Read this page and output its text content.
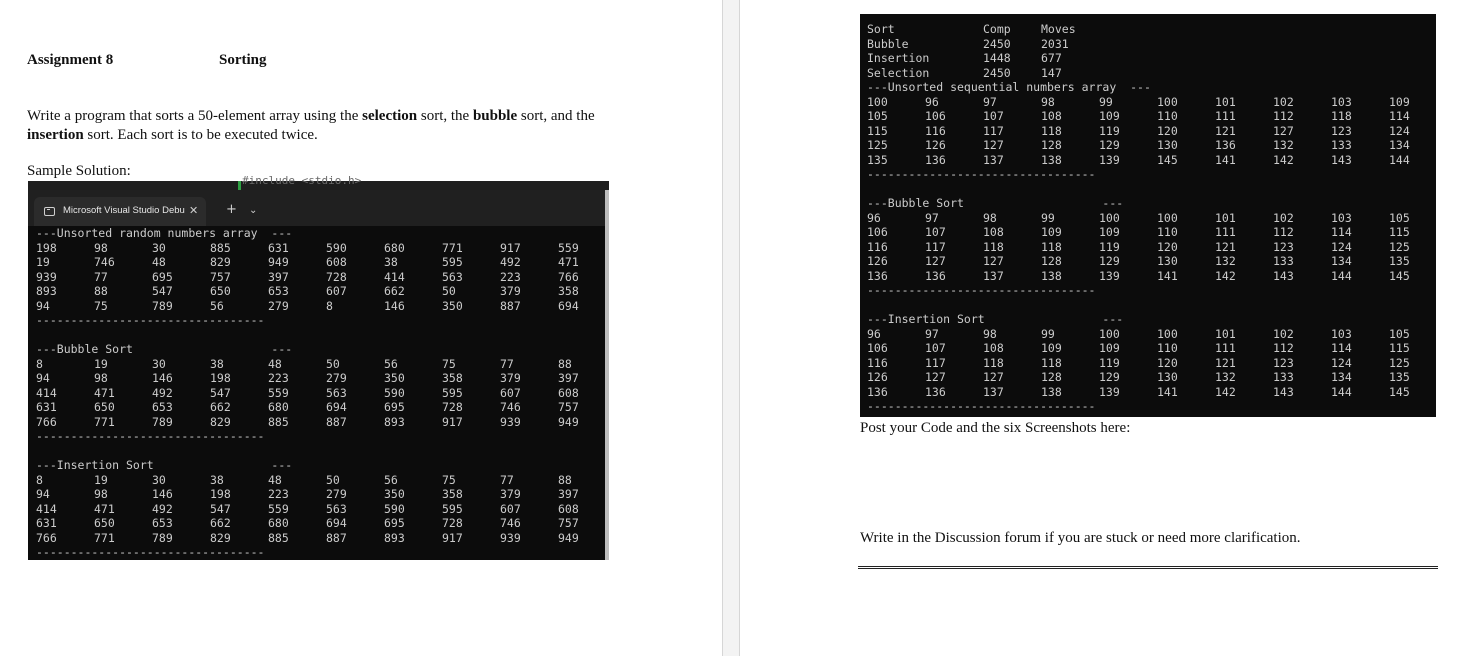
Assignment 8	Sorting
Write a program that sorts a 50-element array using the selection sort, the bubble sort, and the insertion sort. Each sort is to be executed twice.
Sample Solution:
#include <stdio.h>
Microsoft Visual Studio Debu ✕ + ⌄
---Unsorted random numbers array  ---
198	98	30	885	631	590	680	771	917	559
19	746	48	829	949	608	38	595	492	471
939	77	695	757	397	728	414	563	223	766
893	88	547	650	653	607	662	50	379	358
94	75	789	56	279	8	146	350	887	694
---------------------------------
---Bubble Sort                    ---
8	19	30	38	48	50	56	75	77	88
94	98	146	198	223	279	350	358	379	397
414	471	492	547	559	563	590	595	607	608
631	650	653	662	680	694	695	728	746	757
766	771	789	829	885	887	893	917	939	949
---------------------------------
---Insertion Sort                 ---
8	19	30	38	48	50	56	75	77	88
94	98	146	198	223	279	350	358	379	397
414	471	492	547	559	563	590	595	607	608
631	650	653	662	680	694	695	728	746	757
766	771	789	829	885	887	893	917	939	949
---------------------------------
Sort	Comp	Moves
Bubble	2450	2031
Insertion	1448	677
Selection	2450	147
---Unsorted sequential numbers array  ---
100	96	97	98	99	100	101	102	103	109
105	106	107	108	109	110	111	112	118	114
115	116	117	118	119	120	121	127	123	124
125	126	127	128	129	130	136	132	133	134
135	136	137	138	139	145	141	142	143	144
---------------------------------
---Bubble Sort                    ---
96	97	98	99	100	100	101	102	103	105
106	107	108	109	109	110	111	112	114	115
116	117	118	118	119	120	121	123	124	125
126	127	127	128	129	130	132	133	134	135
136	136	137	138	139	141	142	143	144	145
---------------------------------
---Insertion Sort                 ---
96	97	98	99	100	100	101	102	103	105
106	107	108	109	109	110	111	112	114	115
116	117	118	118	119	120	121	123	124	125
126	127	127	128	129	130	132	133	134	135
136	136	137	138	139	141	142	143	144	145
---------------------------------
Post your Code and the six Screenshots here:
Write in the Discussion forum if you are stuck or need more clarification.
